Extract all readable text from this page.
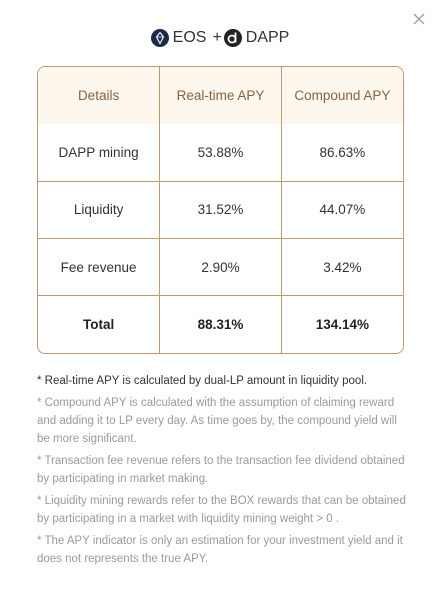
EOS + DAPP
Details	Real-time APY	Compound APY
DAPP mining	53.88%	86.63%
Liquidity	31.52%	44.07%
Fee revenue	2.90%	3.42%
Total	88.31%	134.14%

* Real-time APY is calculated by dual-LP amount in liquidity pool.

* Compound APY is calculated with the assumption of claiming reward and adding it to LP every day. As time goes by, the compound yield will be more significant.

* Transaction fee revenue refers to the transaction fee dividend obtained by participating in market making.

* Liquidity mining rewards refer to the BOX rewards that can be obtained by participating in a market with liquidity mining weight > 0 .

* The APY indicator is only an estimation for your investment yield and it does not represents the true APY.
